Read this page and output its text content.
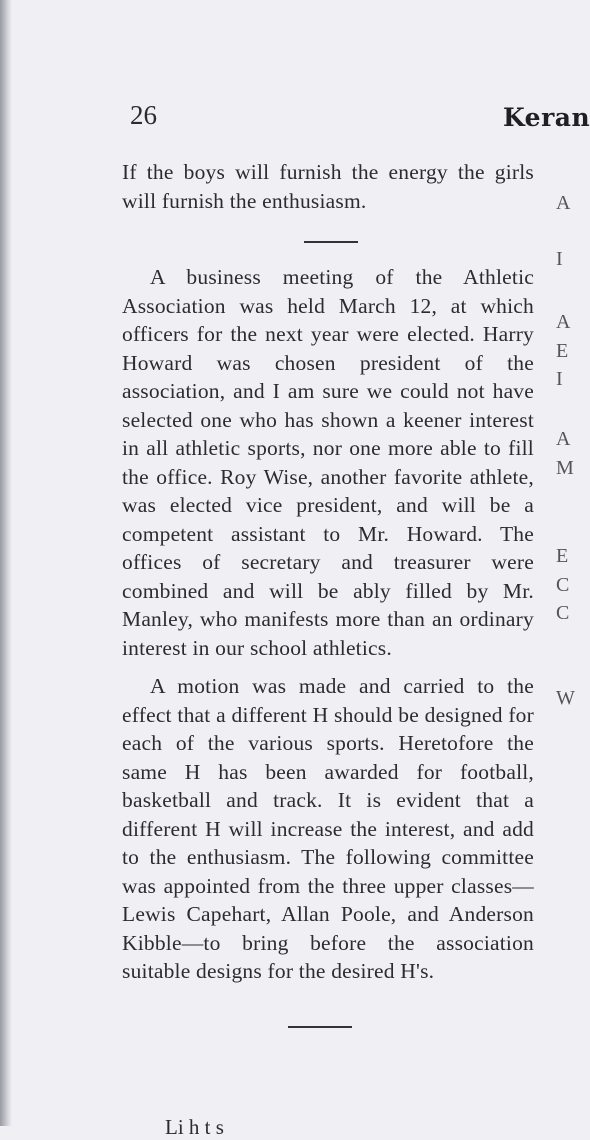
26	Keran

If the boys will furnish the energy the girls will furnish the enthusiasm.

A business meeting of the Athletic Association was held March 12, at which officers for the next year were elected. Harry Howard was chosen president of the association, and I am sure we could not have selected one who has shown a keener interest in all athletic sports, nor one more able to fill the office. Roy Wise, another favorite athlete, was elected vice president, and will be a competent assistant to Mr. Howard. The offices of secretary and treasurer were combined and will be ably filled by Mr. Manley, who manifests more than an ordinary interest in our school athletics.

A motion was made and carried to the effect that a different H should be designed for each of the various sports. Heretofore the same H has been awarded for football, basketball and track. It is evident that a different H will increase the interest, and add to the enthusiasm. The following committee was appointed from the three upper classes—Lewis Capehart, Allan Poole, and Anderson Kibble—to bring before the association suitable designs for the desired H's.

Li h t s
A
I
A
E
I
A
M
E
C
C
W
